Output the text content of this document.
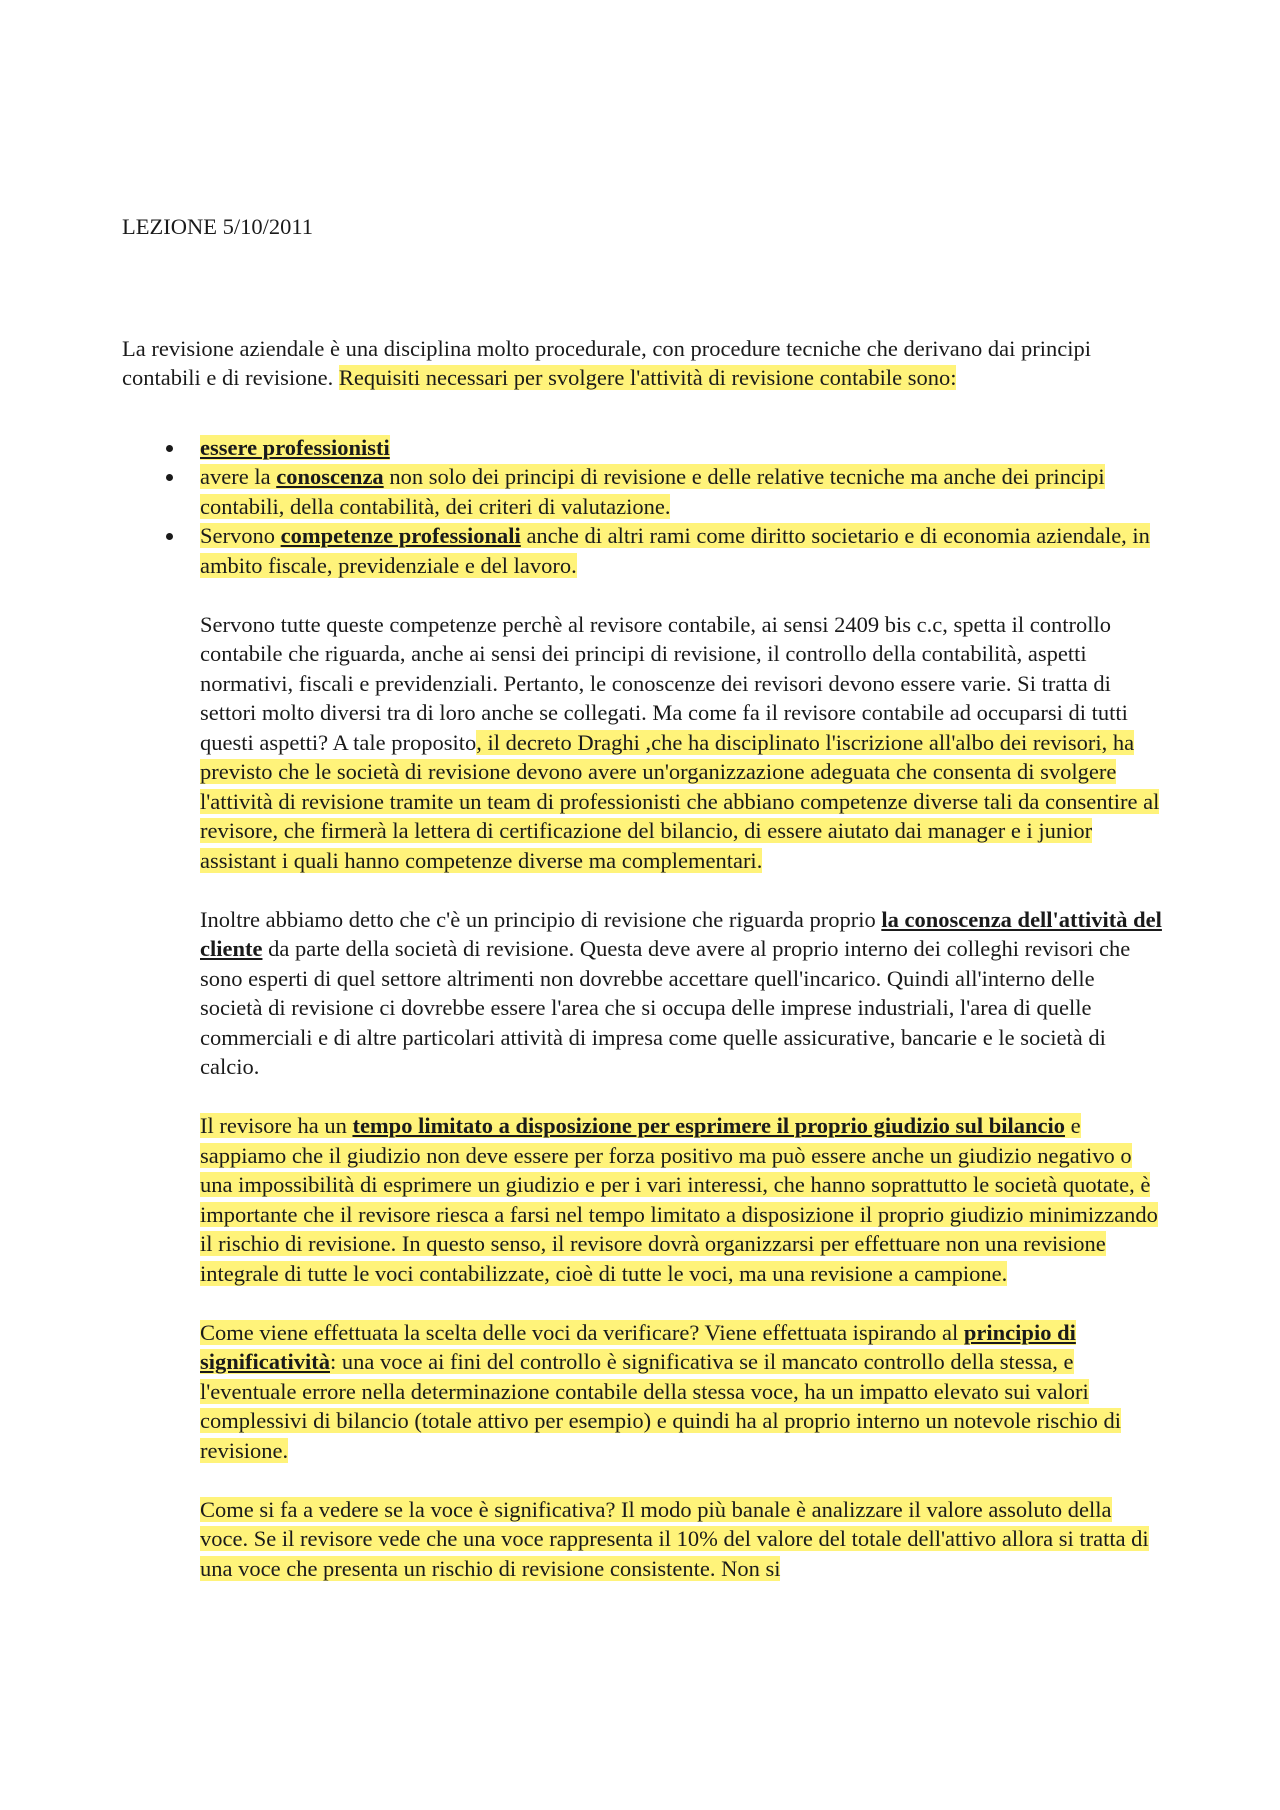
LEZIONE 5/10/2011

La revisione aziendale è una disciplina molto procedurale, con procedure tecniche che derivano dai principi contabili e di revisione. Requisiti necessari per svolgere l'attività di revisione contabile sono:

essere professionisti
avere la conoscenza non solo dei principi di revisione e delle relative tecniche ma anche dei principi contabili, della contabilità, dei criteri di valutazione.
Servono competenze professionali anche di altri rami come diritto societario e di economia aziendale, in ambito fiscale, previdenziale e del lavoro.

Servono tutte queste competenze perchè al revisore contabile, ai sensi 2409 bis c.c, spetta il controllo contabile che riguarda, anche ai sensi dei principi di revisione, il controllo della contabilità, aspetti normativi, fiscali e previdenziali. Pertanto, le conoscenze dei revisori devono essere varie. Si tratta di settori molto diversi tra di loro anche se collegati. Ma come fa il revisore contabile ad occuparsi di tutti questi aspetti? A tale proposito, il decreto Draghi ,che ha disciplinato l'iscrizione all'albo dei revisori, ha previsto che le società di revisione devono avere un'organizzazione adeguata che consenta di svolgere l'attività di revisione tramite un team di professionisti che abbiano competenze diverse tali da consentire al revisore, che firmerà la lettera di certificazione del bilancio, di essere aiutato dai manager e i junior assistant i quali hanno competenze diverse ma complementari.

Inoltre abbiamo detto che c'è un principio di revisione che riguarda proprio la conoscenza dell'attività del cliente da parte della società di revisione. Questa deve avere al proprio interno dei colleghi revisori che sono esperti di quel settore altrimenti non dovrebbe accettare quell'incarico. Quindi all'interno delle società di revisione ci dovrebbe essere l'area che si occupa delle imprese industriali, l'area di quelle commerciali e di altre particolari attività di impresa come quelle assicurative, bancarie e le società di calcio.

Il revisore ha un tempo limitato a disposizione per esprimere il proprio giudizio sul bilancio e sappiamo che il giudizio non deve essere per forza positivo ma può essere anche un giudizio negativo o una impossibilità di esprimere un giudizio e per i vari interessi, che hanno soprattutto le società quotate, è importante che il revisore riesca a farsi nel tempo limitato a disposizione il proprio giudizio minimizzando il rischio di revisione. In questo senso, il revisore dovrà organizzarsi per effettuare non una revisione integrale di tutte le voci contabilizzate, cioè di tutte le voci, ma una revisione a campione.

Come viene effettuata la scelta delle voci da verificare? Viene effettuata ispirando al principio di significatività: una voce ai fini del controllo è significativa se il mancato controllo della stessa, e l'eventuale errore nella determinazione contabile della stessa voce, ha un impatto elevato sui valori complessivi di bilancio (totale attivo per esempio) e quindi ha al proprio interno un notevole rischio di revisione.

Come si fa a vedere se la voce è significativa? Il modo più banale è analizzare il valore assoluto della voce. Se il revisore vede che una voce rappresenta il 10% del valore del totale dell'attivo allora si tratta di una voce che presenta un rischio di revisione consistente. Non si
